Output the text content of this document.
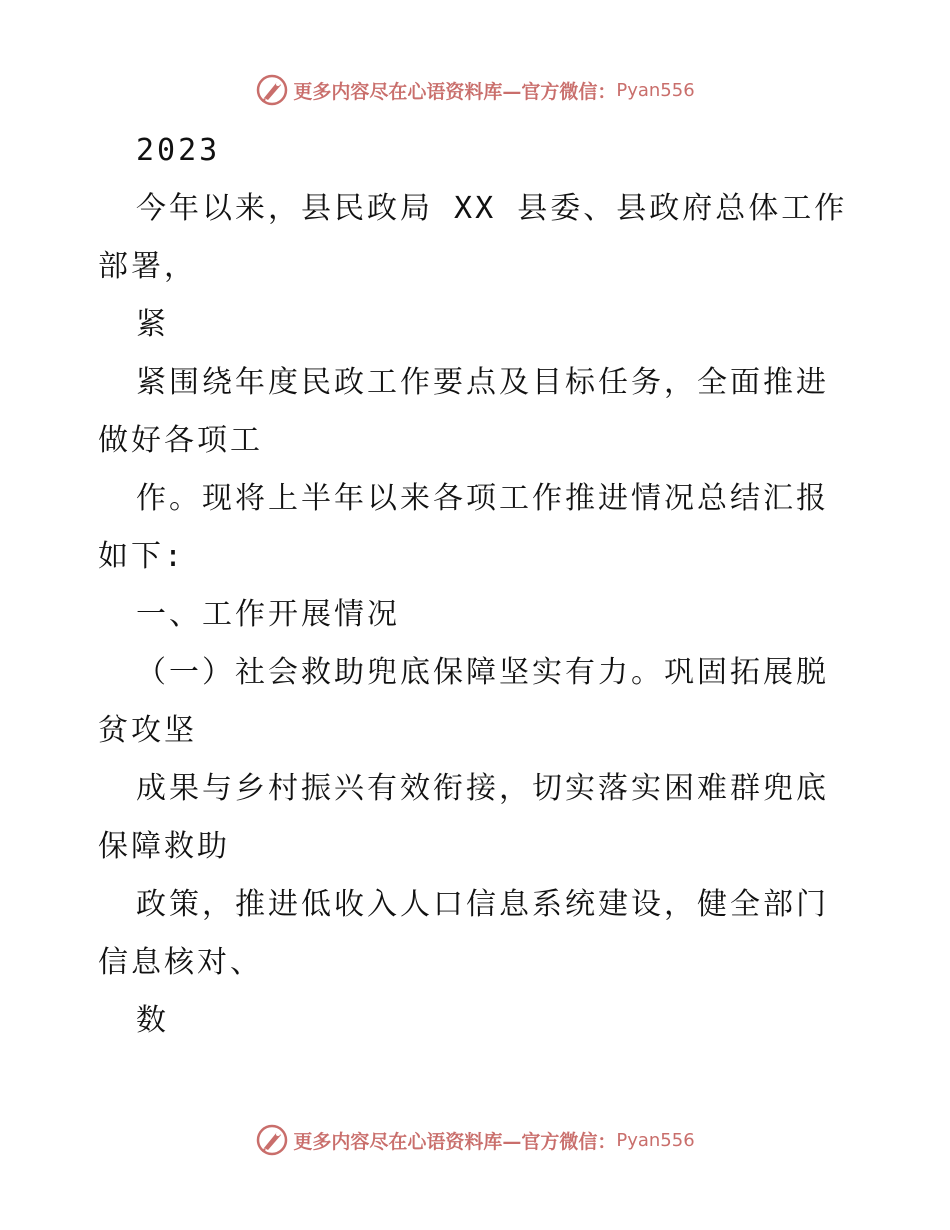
更多内容尽在心语资料库—官方微信： Pyan556

2023

今年以来，县民政局 XX 县委、县政府总体工作部署，

紧

紧围绕年度民政工作要点及目标任务，全面推进做好各项工

作。现将上半年以来各项工作推进情况总结汇报如下:

一、工作开展情况

（一）社会救助兜底保障坚实有力。巩固拓展脱贫攻坚

成果与乡村振兴有效衔接，切实落实困难群兜底保障救助

政策，推进低收入人口信息系统建设，健全部门信息核对、

数

更多内容尽在心语资料库—官方微信： Pyan556
